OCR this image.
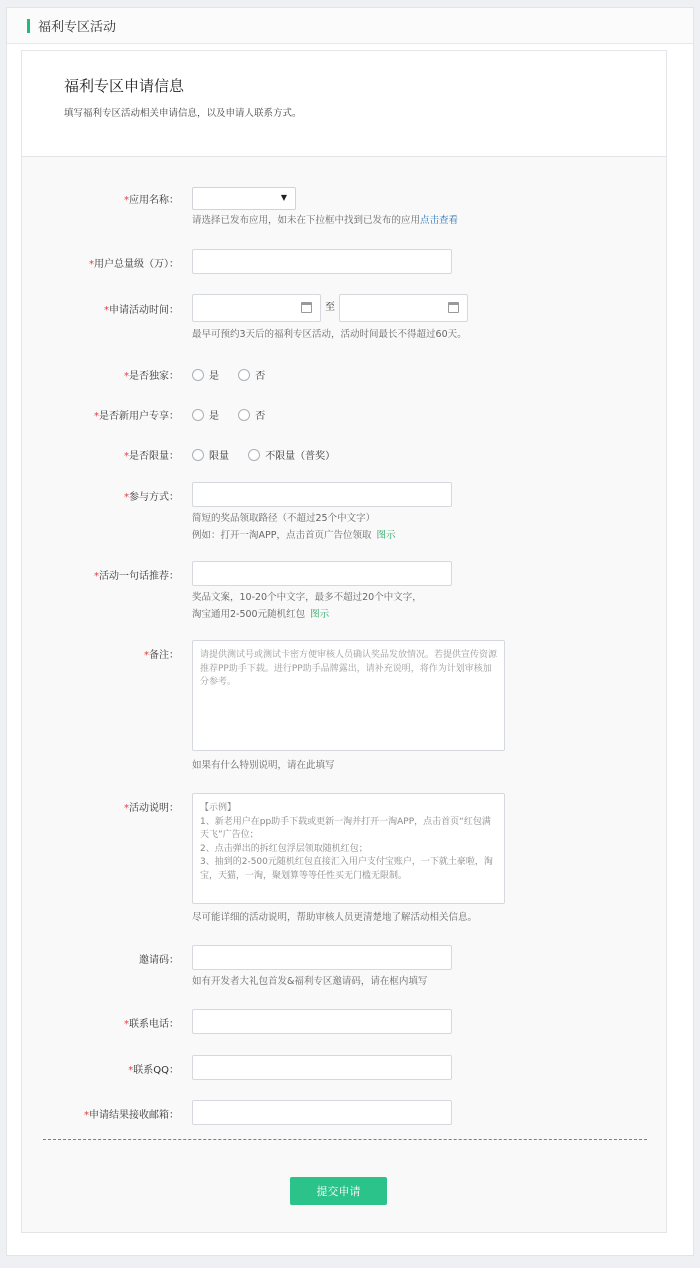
福利专区活动
福利专区申请信息

填写福利专区活动相关申请信息，以及申请人联系方式。

*应用名称：	▼
请选择已发布应用，如未在下拉框中找到已发布的应用点击查看
*用户总量级（万）：
*申请活动时间：	至
最早可预约3天后的福利专区活动，活动时间最长不得超过60天。
*是否独家：	是
	否
*是否新用户专享：	是
	否
*是否限量：	限量
	不限量（普奖）
*参与方式：
简短的奖品领取路径（不超过25个中文字）
例如：打开一淘APP，点击首页广告位领取 图示
*活动一句话推荐：
奖品文案，10-20个中文字，最多不超过20个中文字，
淘宝通用2-500元随机红包 图示
*备注：	请提供测试号或测试卡密方便审核人员确认奖品发放情况。若提供宣传资源推荐PP助手下载。进行PP助手品牌露出，请补充说明，将作为计划审核加分参考。
如果有什么特别说明，请在此填写
*活动说明： 【示例】
1、新老用户在pp助手下载或更新一淘并打开一淘APP，点击首页“红包满天飞”广告位；
2、点击弹出的拆红包浮层领取随机红包；
3、抽到的2-500元随机红包直接汇入用户支付宝账户，一下就土豪啦，淘宝，天猫，一淘，聚划算等等任性买无门槛无限制。
尽可能详细的活动说明，帮助审核人员更清楚地了解活动相关信息。
邀请码：
如有开发者大礼包首发&福利专区邀请码，请在框内填写
*联系电话：
*联系QQ：
*申请结果接收邮箱：
提交申请
